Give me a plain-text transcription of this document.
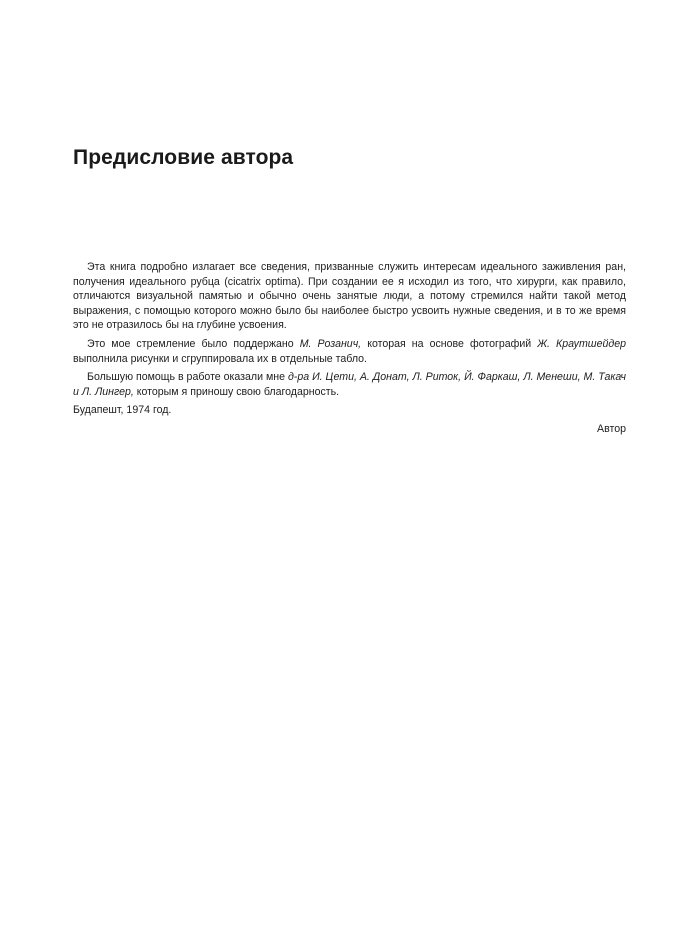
Предисловие автора

Эта книга подробно излагает все сведения, призванные служить интересам идеального заживления ран, получения идеального рубца (cicatrix optima). При создании ее я исходил из того, что хирурги, как правило, отличаются визуальной памятью и обычно очень занятые люди, а потому стремился найти такой метод выражения, с помощью которого можно было бы наиболее быстро усвоить нужные сведения, и в то же время это не отразилось бы на глубине усвоения.

Это мое стремление было поддержано М. Розанич, которая на основе фотографий Ж. Краутшейдер выполнила рисунки и сгруппировала их в отдельные табло.

Большую помощь в работе оказали мне д-ра И. Цети, А. Донат, Л. Риток, Й. Фаркаш, Л. Менеши, М. Такач и Л. Лингер, которым я приношу свою благодарность.

Будапешт, 1974 год.

Автор
